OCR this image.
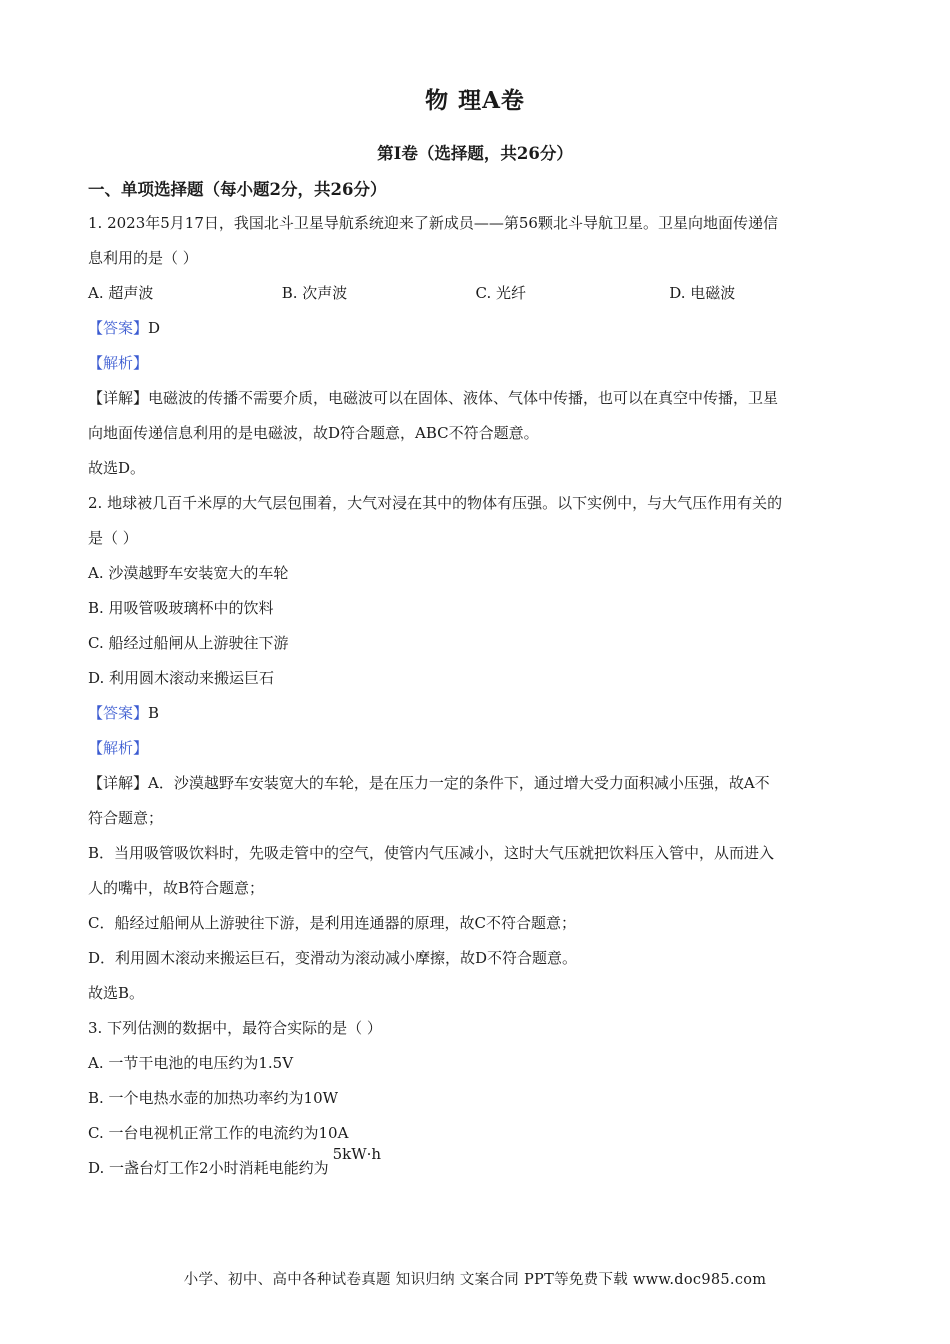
物 理A卷
第Ⅰ卷（选择题，共26分）
一、单项选择题（每小题2分，共26分）
1. 2023年5月17日，我国北斗卫星导航系统迎来了新成员——第56颗北斗导航卫星。卫星向地面传递信
息利用的是（ ）
A. 超声波	B. 次声波	C. 光纤	D. 电磁波
【答案】D
【解析】
【详解】电磁波的传播不需要介质，电磁波可以在固体、液体、气体中传播，也可以在真空中传播，卫星
向地面传递信息利用的是电磁波，故D符合题意，ABC不符合题意。
故选D。
2. 地球被几百千米厚的大气层包围着，大气对浸在其中的物体有压强。以下实例中，与大气压作用有关的
是（ ）
A. 沙漠越野车安装宽大的车轮
B. 用吸管吸玻璃杯中的饮料
C. 船经过船闸从上游驶往下游
D. 利用圆木滚动来搬运巨石
【答案】B
【解析】
【详解】A．沙漠越野车安装宽大的车轮，是在压力一定的条件下，通过增大受力面积减小压强，故A不
符合题意；
B．当用吸管吸饮料时，先吸走管中的空气，使管内气压减小，这时大气压就把饮料压入管中，从而进入
人的嘴中，故B符合题意；
C．船经过船闸从上游驶往下游，是利用连通器的原理，故C不符合题意；
D．利用圆木滚动来搬运巨石，变滑动为滚动减小摩擦，故D不符合题意。
故选B。
3. 下列估测的数据中，最符合实际的是（ ）
A. 一节干电池的电压约为1.5V
B. 一个电热水壶的加热功率约为10W
C. 一台电视机正常工作的电流约为10A
D. 一盏台灯工作2小时消耗电能约为5kW·h
小学、初中、高中各种试卷真题 知识归纳 文案合同 PPT等免费下载 www.doc985.com
